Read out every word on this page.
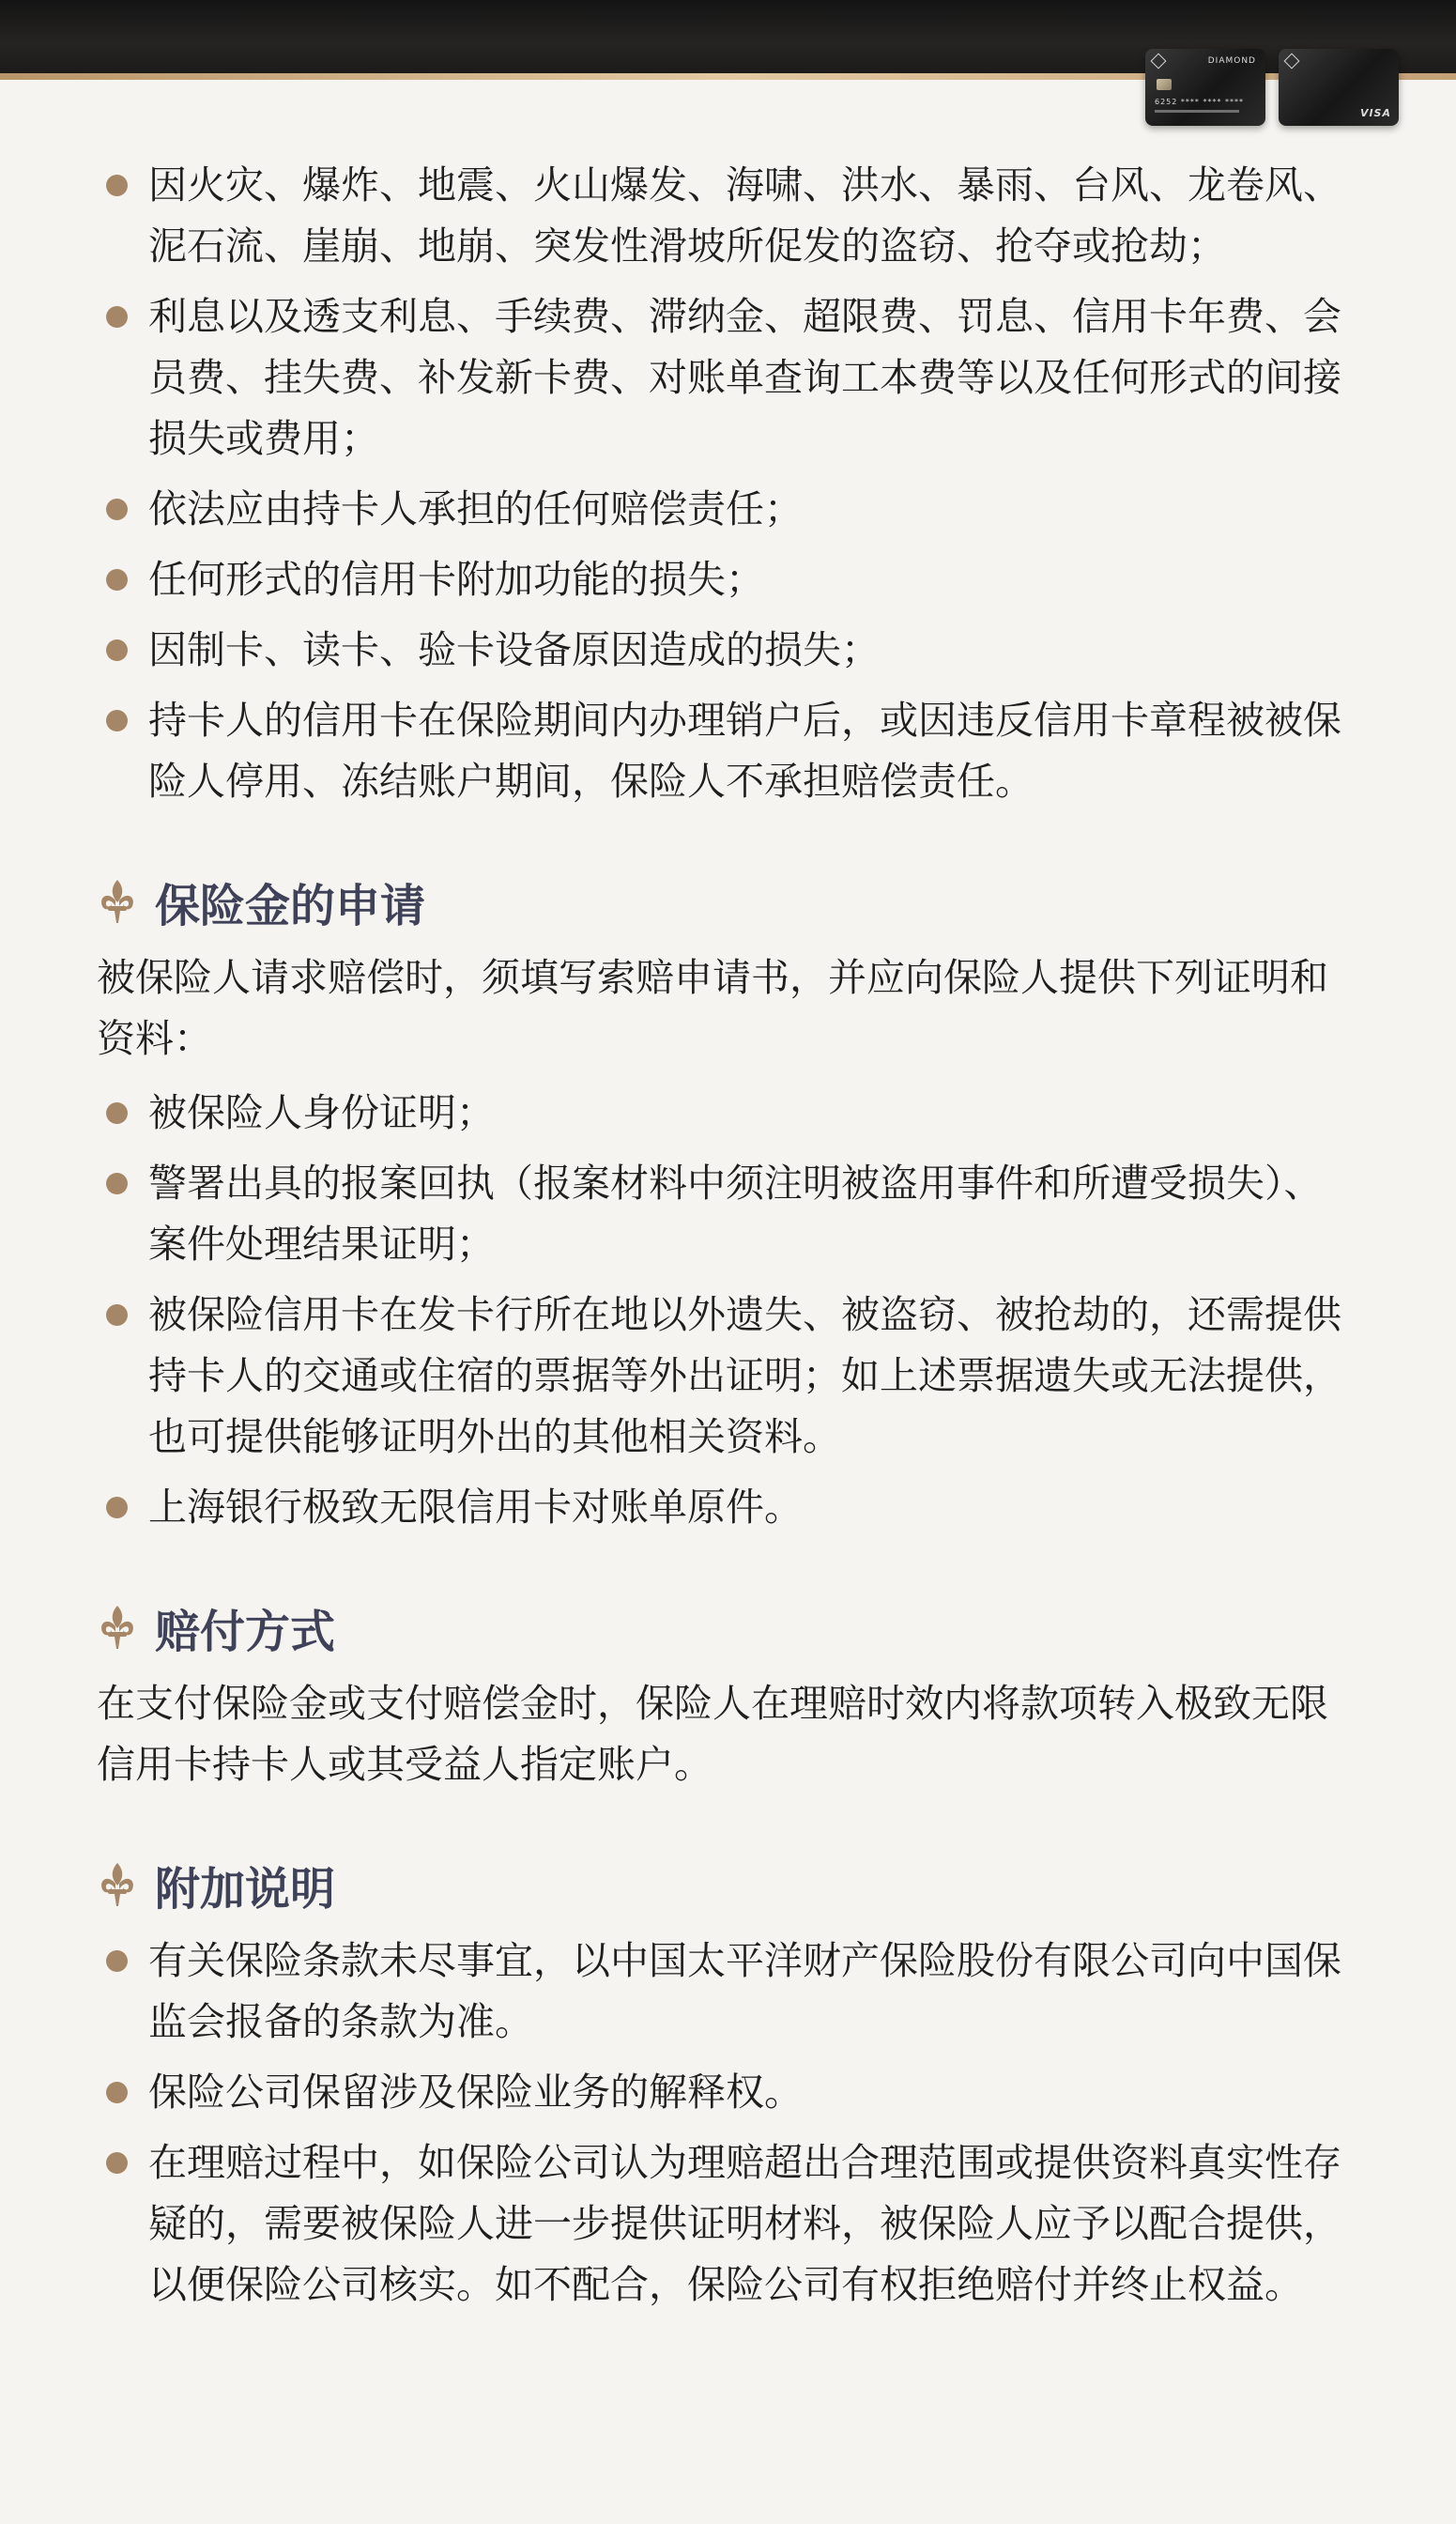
DIAMOND
6252 **** **** ****
VISA
因火灾、爆炸、地震、火山爆发、海啸、洪水、暴雨、台风、龙卷风、泥石流、崖崩、地崩、突发性滑坡所促发的盗窃、抢夺或抢劫；
利息以及透支利息、手续费、滞纳金、超限费、罚息、信用卡年费、会员费、挂失费、补发新卡费、对账单查询工本费等以及任何形式的间接损失或费用；
依法应由持卡人承担的任何赔偿责任；
任何形式的信用卡附加功能的损失；
因制卡、读卡、验卡设备原因造成的损失；
持卡人的信用卡在保险期间内办理销户后，或因违反信用卡章程被被保险人停用、冻结账户期间，保险人不承担赔偿责任。
保险金的申请
被保险人请求赔偿时，须填写索赔申请书，并应向保险人提供下列证明和资料：
被保险人身份证明；
警署出具的报案回执（报案材料中须注明被盗用事件和所遭受损失）、案件处理结果证明；
被保险信用卡在发卡行所在地以外遗失、被盗窃、被抢劫的，还需提供持卡人的交通或住宿的票据等外出证明；如上述票据遗失或无法提供，也可提供能够证明外出的其他相关资料。
上海银行极致无限信用卡对账单原件。
赔付方式
在支付保险金或支付赔偿金时，保险人在理赔时效内将款项转入极致无限信用卡持卡人或其受益人指定账户。
附加说明
有关保险条款未尽事宜，以中国太平洋财产保险股份有限公司向中国保监会报备的条款为准。
保险公司保留涉及保险业务的解释权。
在理赔过程中，如保险公司认为理赔超出合理范围或提供资料真实性存疑的，需要被保险人进一步提供证明材料，被保险人应予以配合提供，以便保险公司核实。如不配合，保险公司有权拒绝赔付并终止权益。
